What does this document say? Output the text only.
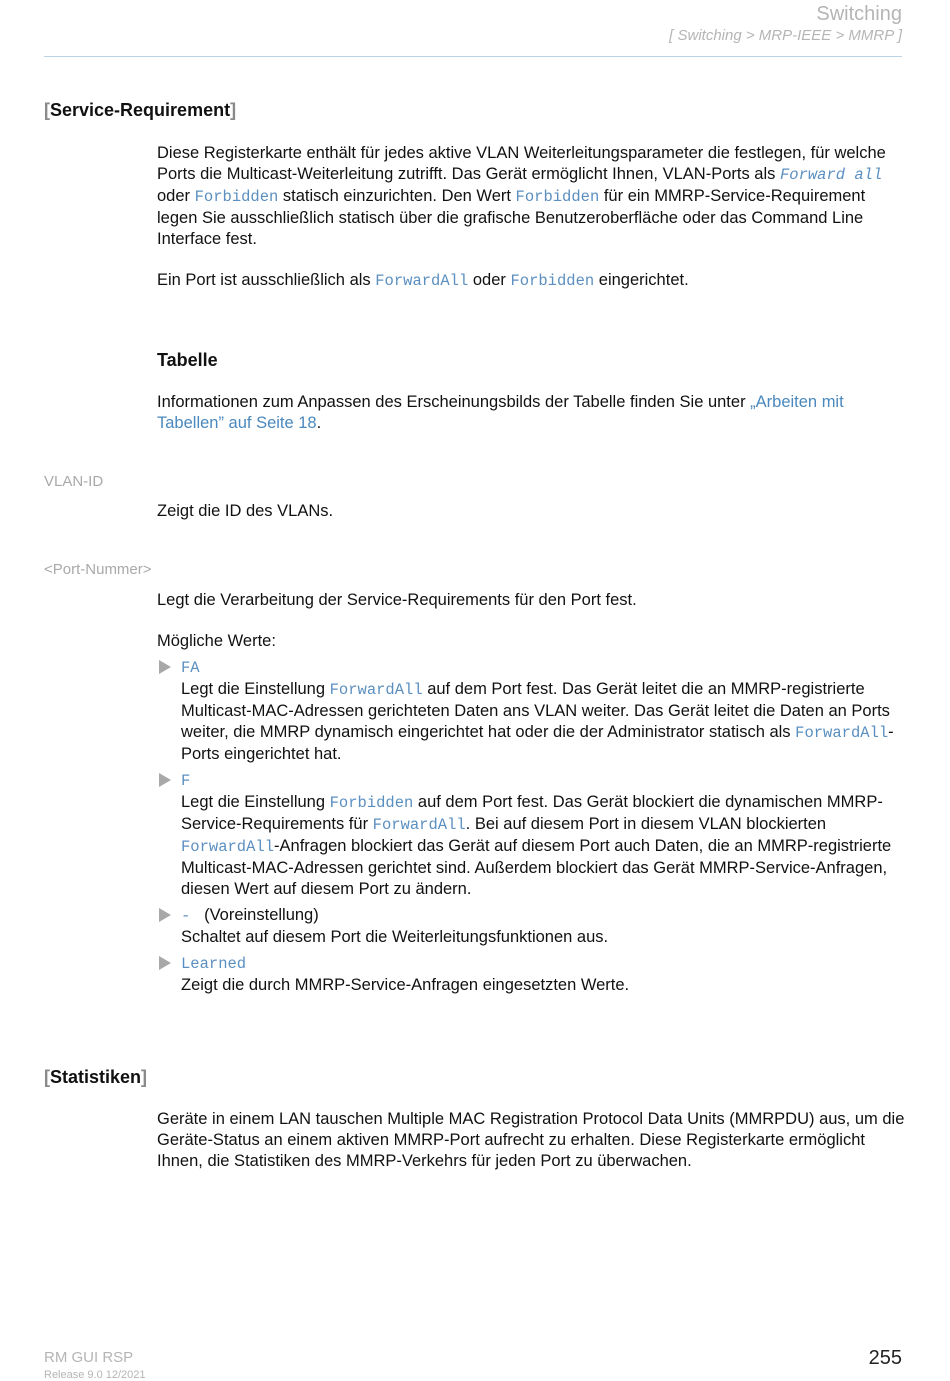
Switching
[ Switching > MRP-IEEE > MMRP ]
[Service-Requirement]

Diese Registerkarte enthält für jedes aktive VLAN Weiterleitungsparameter die festlegen, für welche Ports die Multicast-Weiterleitung zutrifft. Das Gerät ermöglicht Ihnen, VLAN-Ports als Forward all oder Forbidden statisch einzurichten. Den Wert Forbidden für ein MMRP-Service-Requirement legen Sie ausschließlich statisch über die grafische Benutzeroberfläche oder das Command Line Interface fest.

Ein Port ist ausschließlich als ForwardAll oder Forbidden eingerichtet.

Tabelle

Informationen zum Anpassen des Erscheinungsbilds der Tabelle finden Sie unter „Arbeiten mit Tabellen” auf Seite 18.

VLAN-ID
Zeigt die ID des VLANs.
<Port-Nummer>
Legt die Verarbeitung der Service-Requirements für den Port fest.
Mögliche Werte:
FA
Legt die Einstellung ForwardAll auf dem Port fest. Das Gerät leitet die an MMRP-registrierte Multicast-MAC-Adressen gerichteten Daten ans VLAN weiter. Das Gerät leitet die Daten an Ports weiter, die MMRP dynamisch eingerichtet hat oder die der Administrator statisch als ForwardAll-Ports eingerichtet hat.
F
Legt die Einstellung Forbidden auf dem Port fest. Das Gerät blockiert die dynamischen MMRP-Service-Requirements für ForwardAll. Bei auf diesem Port in diesem VLAN blockierten ForwardAll-Anfragen blockiert das Gerät auf diesem Port auch Daten, die an MMRP-registrierte Multicast-MAC-Adressen gerichtet sind. Außerdem blockiert das Gerät MMRP-Service-Anfragen, diesen Wert auf diesem Port zu ändern.
- (Voreinstellung)
Schaltet auf diesem Port die Weiterleitungsfunktionen aus.
Learned
Zeigt die durch MMRP-Service-Anfragen eingesetzten Werte.
[Statistiken]
Geräte in einem LAN tauschen Multiple MAC Registration Protocol Data Units (MMRPDU) aus, um die Geräte-Status an einem aktiven MMRP-Port aufrecht zu erhalten. Diese Registerkarte ermöglicht Ihnen, die Statistiken des MMRP-Verkehrs für jeden Port zu überwachen.
RM GUI RSP
Release 9.0 12/2021
255
